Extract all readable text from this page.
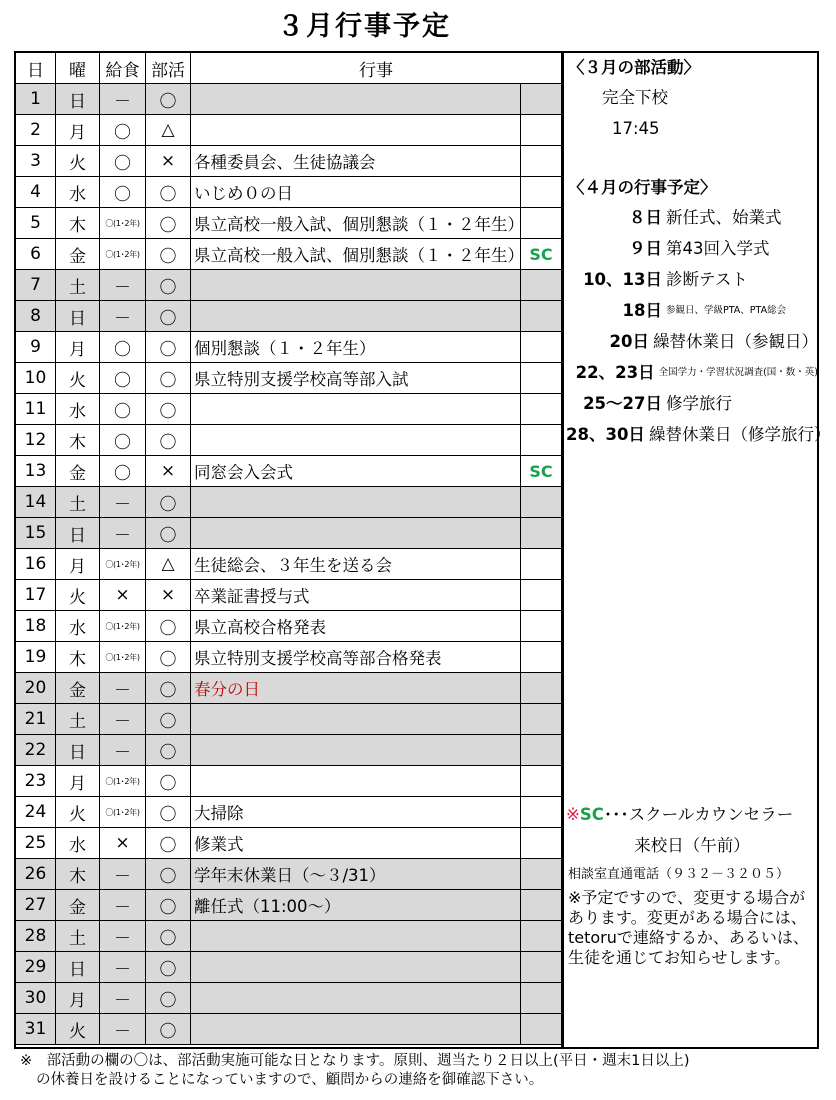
３月行事予定
日	曜	給食	部活	行事	
1	日	－	〇		
2	月	〇	△		
3	火	〇	×	各種委員会、生徒協議会	
4	水	〇	〇	いじめ０の日	
5	木	〇(1･2年)	〇	県立高校一般入試、個別懇談（１・２年生）	
6	金	〇(1･2年)	〇	県立高校一般入試、個別懇談（１・２年生）	SC
7	土	－	〇		
8	日	－	〇		
9	月	〇	〇	個別懇談（１・２年生）	
10	火	〇	〇	県立特別支援学校高等部入試	
11	水	〇	〇		
12	木	〇	〇		
13	金	〇	×	同窓会入会式	SC
14	土	－	〇		
15	日	－	〇		
16	月	〇(1･2年)	△	生徒総会、３年生を送る会	
17	火	×	×	卒業証書授与式	
18	水	〇(1･2年)	〇	県立高校合格発表	
19	木	〇(1･2年)	〇	県立特別支援学校高等部合格発表	
20	金	－	〇	春分の日	
21	土	－	〇		
22	日	－	〇		
23	月	〇(1･2年)	〇		
24	火	〇(1･2年)	〇	大掃除	
25	水	×	〇	修業式	
26	木	－	〇	学年末休業日（～３/31）	
27	金	－	〇	離任式（11:00～）	
28	土	－	〇		
29	日	－	〇		
30	月	－	〇		
31	火	－	〇		
〈３月の部活動〉
完全下校
17:45
〈４月の行事予定〉
８日 新任式、始業式
９日 第43回入学式
10、13日 診断テスト
18日 参観日、学級PTA、PTA総会
20日 繰替休業日（参観日）
22、23日 全国学力・学習状況調査(国・数・英)
25～27日 修学旅行
28、30日 繰替休業日（修学旅行）
※SC･･･スクールカウンセラー
来校日（午前）
相談室直通電話（９３２－３２０５）
※予定ですので、変更する場合があります。変更がある場合には、tetoruで連絡するか、あるいは、生徒を通じてお知らせします。
※　部活動の欄の〇は、部活動実施可能な日となります。原則、週当たり２日以上(平日・週末1日以上)
の休養日を設けることになっていますので、顧問からの連絡を御確認下さい。
